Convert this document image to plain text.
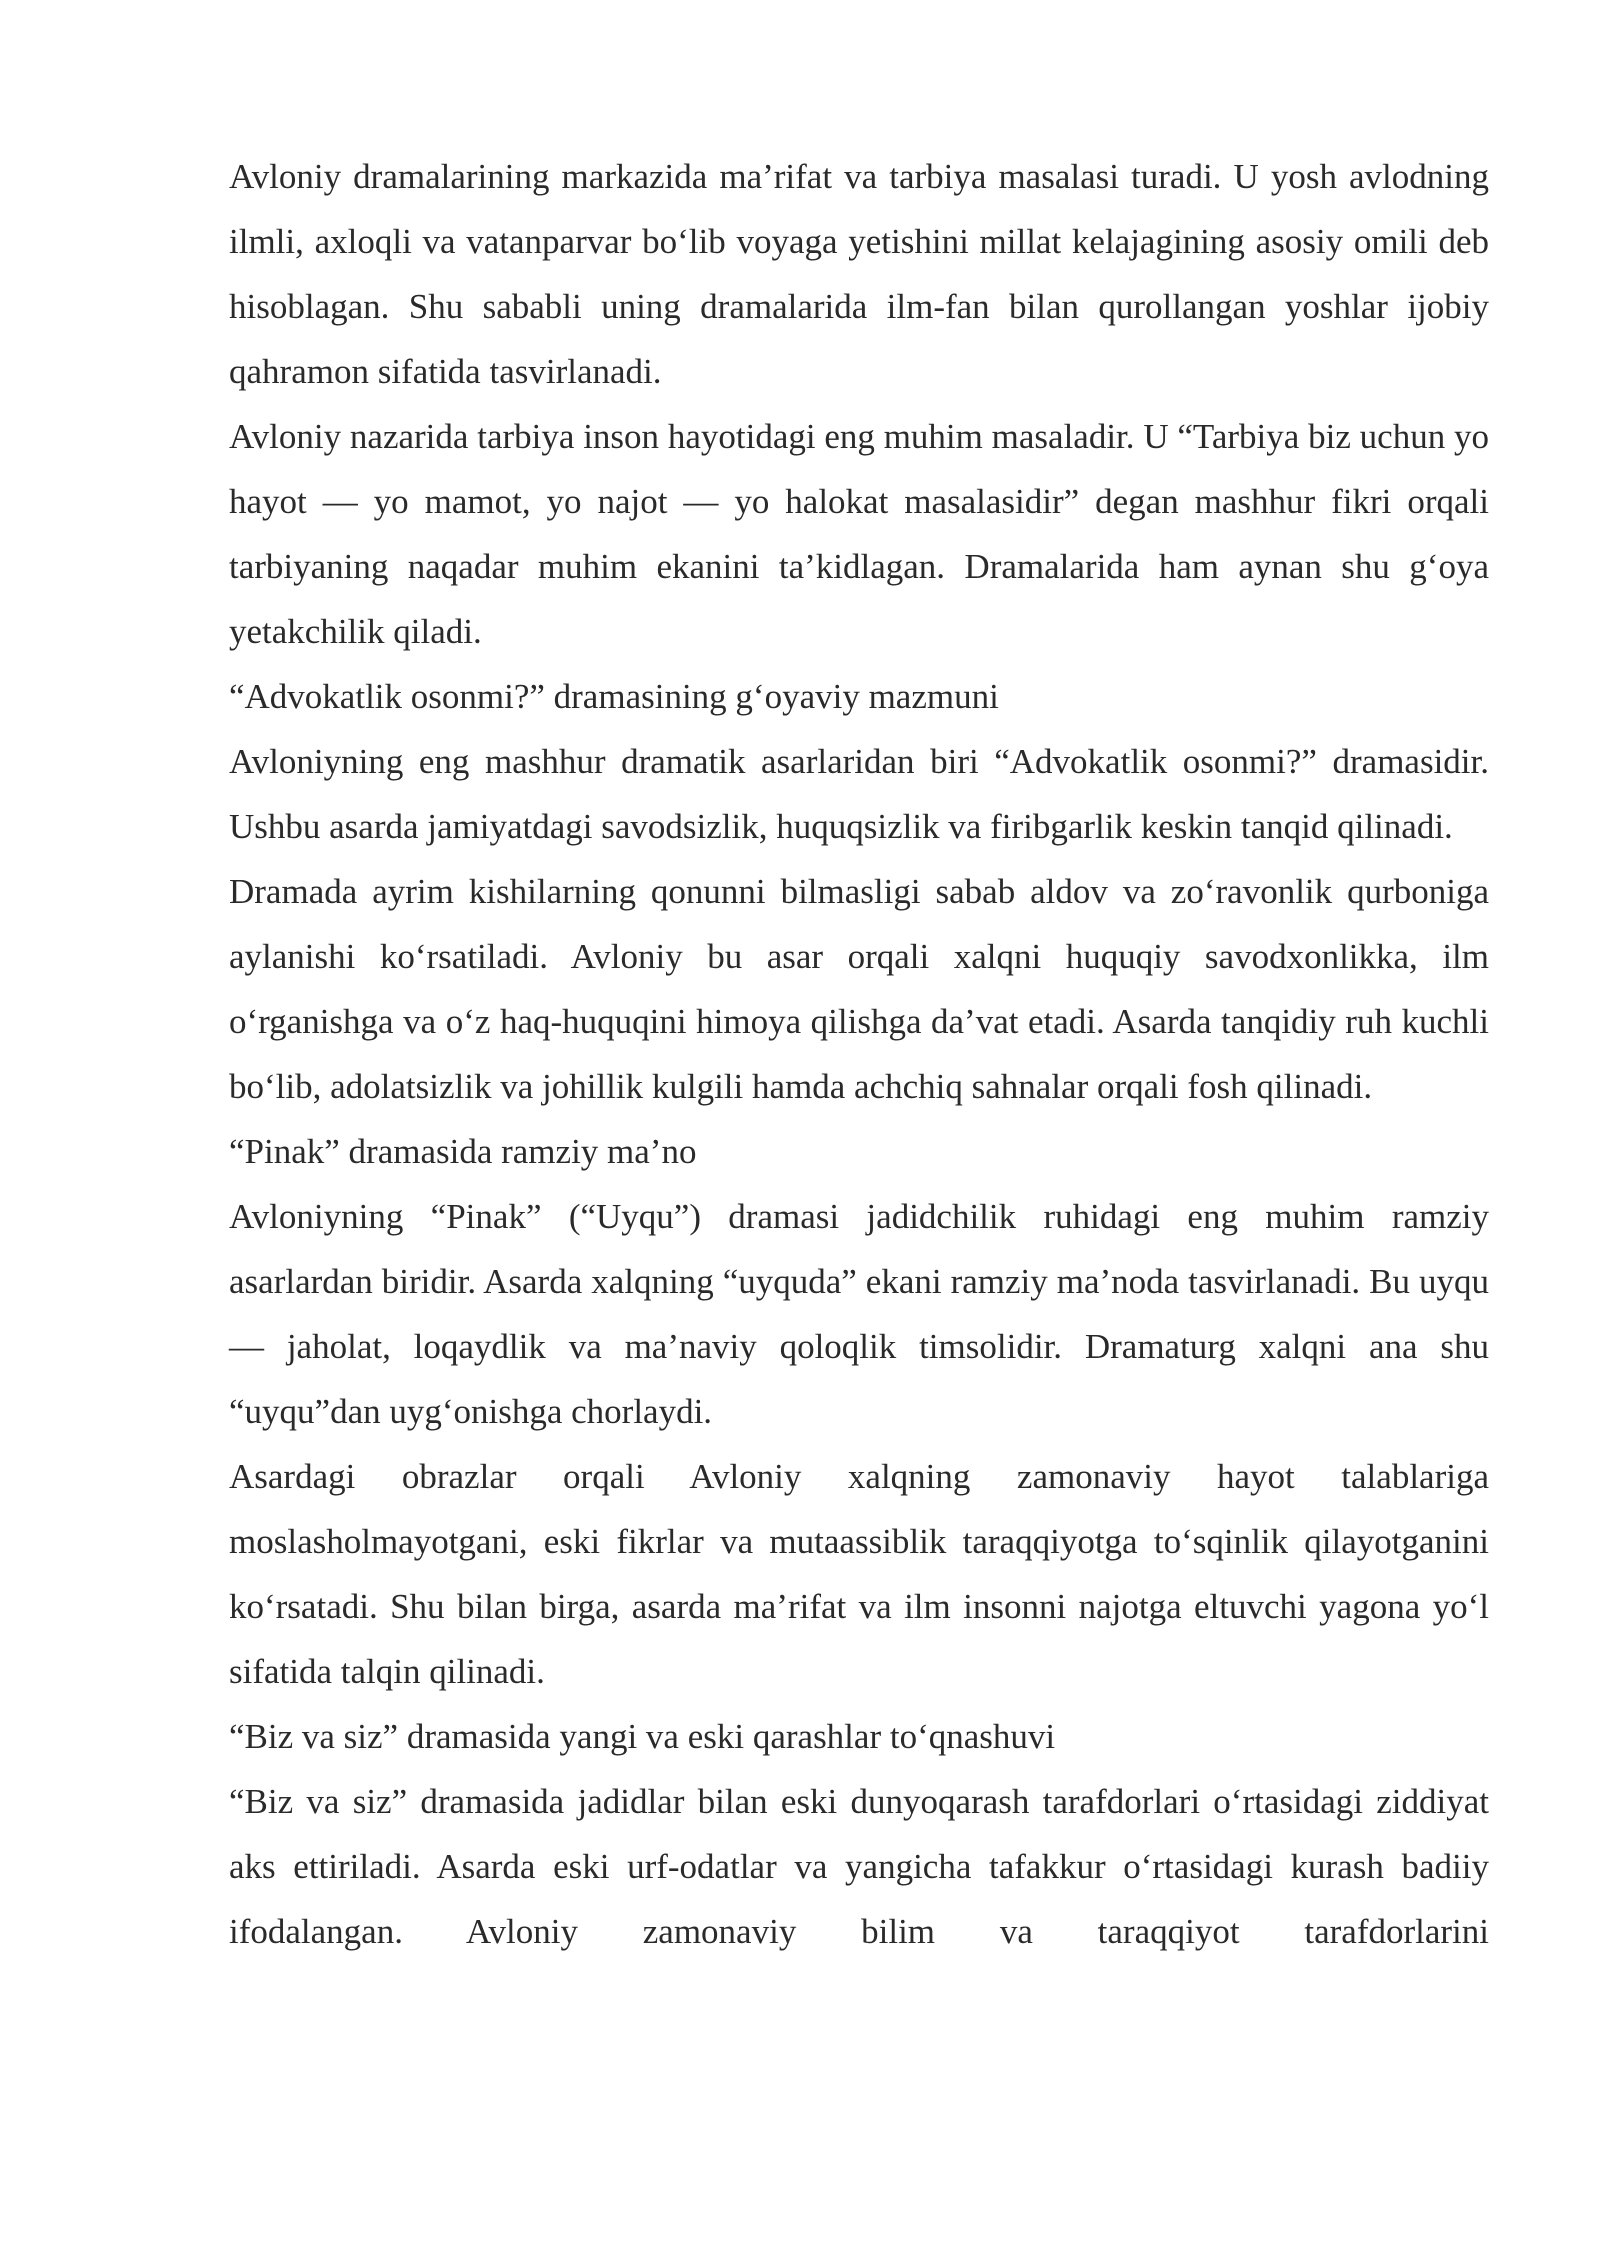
Avloniy dramalarining markazida ma’rifat va tarbiya masalasi turadi. U yosh avlodning ilmli, axloqli va vatanparvar bo‘lib voyaga yetishini millat kelajagining asosiy omili deb hisoblagan. Shu sababli uning dramalarida ilm-fan bilan qurollangan yoshlar ijobiy qahramon sifatida tasvirlanadi.

Avloniy nazarida tarbiya inson hayotidagi eng muhim masaladir. U “Tarbiya biz uchun yo hayot — yo mamot, yo najot — yo halokat masalasidir” degan mashhur fikri orqali tarbiyaning naqadar muhim ekanini ta’kidlagan. Dramalarida ham aynan shu g‘oya yetakchilik qiladi.

“Advokatlik osonmi?” dramasining g‘oyaviy mazmuni

Avloniyning eng mashhur dramatik asarlaridan biri “Advokatlik osonmi?” dramasidir. Ushbu asarda jamiyatdagi savodsizlik, huquqsizlik va firibgarlik keskin tanqid qilinadi.

Dramada ayrim kishilarning qonunni bilmasligi sabab aldov va zo‘ravonlik qurboniga aylanishi ko‘rsatiladi. Avloniy bu asar orqali xalqni huquqiy savodxonlikka, ilm o‘rganishga va o‘z haq-huquqini himoya qilishga da’vat etadi. Asarda tanqidiy ruh kuchli bo‘lib, adolatsizlik va johillik kulgili hamda achchiq sahnalar orqali fosh qilinadi.

“Pinak” dramasida ramziy ma’no

Avloniyning “Pinak” (“Uyqu”) dramasi jadidchilik ruhidagi eng muhim ramziy asarlardan biridir. Asarda xalqning “uyquda” ekani ramziy ma’noda tasvirlanadi. Bu uyqu — jaholat, loqaydlik va ma’naviy qoloqlik timsolidir. Dramaturg xalqni ana shu “uyqu”dan uyg‘onishga chorlaydi.

Asardagi obrazlar orqali Avloniy xalqning zamonaviy hayot talablariga moslasholmayotgani, eski fikrlar va mutaassiblik taraqqiyotga to‘sqinlik qilayotganini ko‘rsatadi. Shu bilan birga, asarda ma’rifat va ilm insonni najotga eltuvchi yagona yo‘l sifatida talqin qilinadi.

“Biz va siz” dramasida yangi va eski qarashlar to‘qnashuvi

“Biz va siz” dramasida jadidlar bilan eski dunyoqarash tarafdorlari o‘rtasidagi ziddiyat aks ettiriladi. Asarda eski urf-odatlar va yangicha tafakkur o‘rtasidagi kurash badiiy ifodalangan. Avloniy zamonaviy bilim va taraqqiyot tarafdorlarini
